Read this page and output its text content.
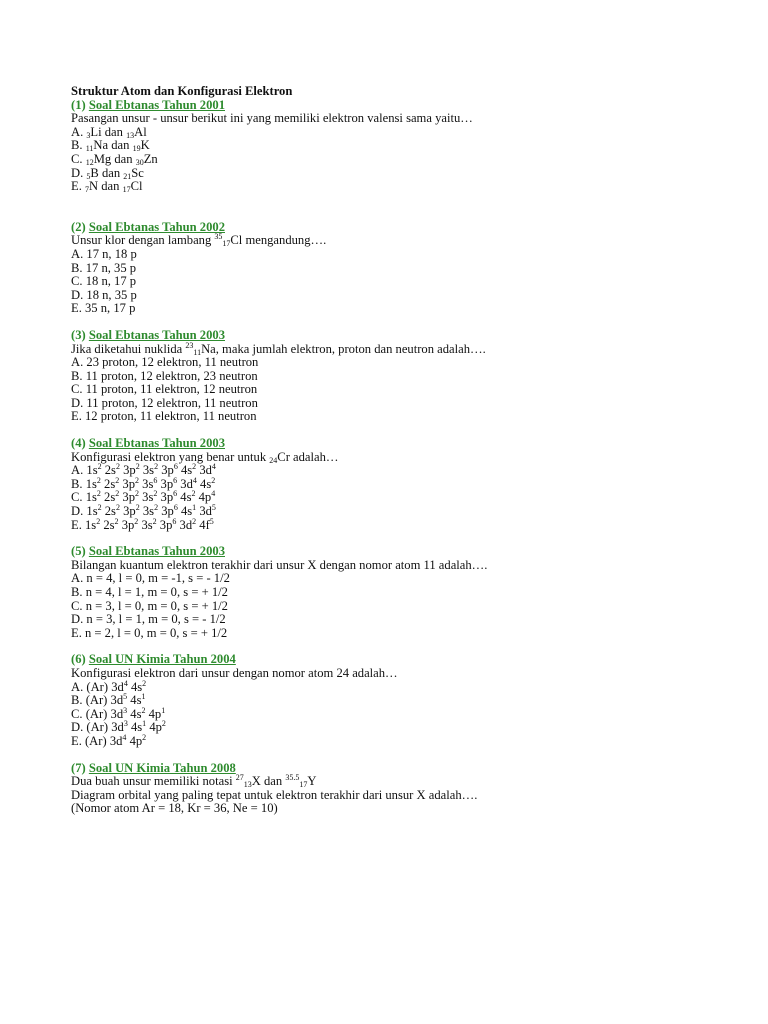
Struktur Atom dan Konfigurasi Elektron
(1) Soal Ebtanas Tahun 2001
Pasangan unsur - unsur berikut ini yang memiliki elektron valensi sama yaitu…
A. $_3$Li dan $_{13}$Al
B. $_{11}$Na dan $_{19}$K
C. $_{12}$Mg dan $_{30}$Zn
D. $_5$B dan $_{21}$Sc
E. $_7$N dan $_{17}$Cl
(2) Soal Ebtanas Tahun 2002
Unsur klor dengan lambang $^{35}_{17}$Cl mengandung….
A. 17 n, 18 p
B. 17 n, 35 p
C. 18 n, 17 p
D. 18 n, 35 p
E. 35 n, 17 p
(3) Soal Ebtanas Tahun 2003
Jika diketahui nuklida $^{23}_{11}$Na, maka jumlah elektron, proton dan neutron adalah….
A. 23 proton, 12 elektron, 11 neutron
B. 11 proton, 12 elektron, 23 neutron
C. 11 proton, 11 elektron, 12 neutron
D. 11 proton, 12 elektron, 11 neutron
E. 12 proton, 11 elektron, 11 neutron
(4) Soal Ebtanas Tahun 2003
Konfigurasi elektron yang benar untuk $_{24}$Cr adalah…
A. $1s^2$ $2s^2$ $3p^2$ $3s^2$ $3p^6$ $4s^2$ $3d^4$
B. $1s^2$ $2s^2$ $3p^2$ $3s^6$ $3p^6$ $3d^4$ $4s^2$
C. $1s^2$ $2s^2$ $3p^2$ $3s^2$ $3p^6$ $4s^2$ $4p^4$
D. $1s^2$ $2s^2$ $3p^2$ $3s^2$ $3p^6$ $4s^1$ $3d^5$
E. $1s^2$ $2s^2$ $3p^2$ $3s^2$ $3p^6$ $3d^2$ $4f^5$
(5) Soal Ebtanas Tahun 2003
Bilangan kuantum elektron terakhir dari unsur X dengan nomor atom 11 adalah….
A. n = 4, l = 0, m = -1, s = - 1/2
B. n = 4, l = 1, m = 0, s = + 1/2
C. n = 3, l = 0, m = 0, s = + 1/2
D. n = 3, l = 1, m = 0, s = - 1/2
E. n = 2, l = 0, m = 0, s = + 1/2
(6) Soal UN Kimia Tahun 2004
Konfigurasi elektron dari unsur dengan nomor atom 24 adalah…
A. (Ar) $3d^4$ $4s^2$
B. (Ar) $3d^5$ $4s^1$
C. (Ar) $3d^3$ $4s^2$ $4p^1$
D. (Ar) $3d^3$ $4s^1$ $4p^2$
E. (Ar) $3d^4$ $4p^2$
(7) Soal UN Kimia Tahun 2008
Dua buah unsur memiliki notasi $^{27}_{13}$X dan $^{35.5}_{17}$Y
Diagram orbital yang paling tepat untuk elektron terakhir dari unsur X adalah….
(Nomor atom Ar = 18, Kr = 36, Ne = 10)
